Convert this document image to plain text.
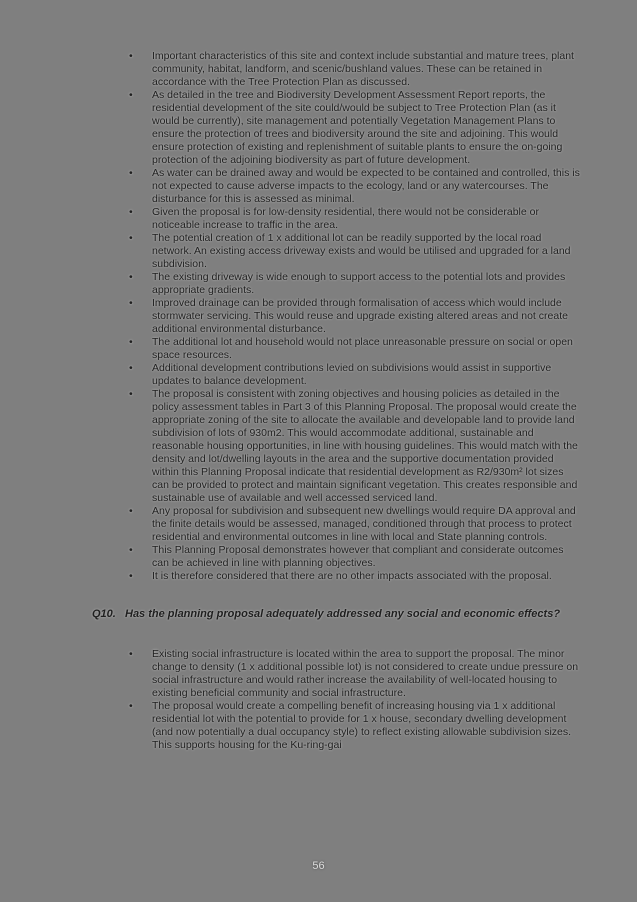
• Important characteristics of this site and context include substantial and mature trees, plant community, habitat, landform, and scenic/bushland values. These can be retained in accordance with the Tree Protection Plan as discussed.
• As detailed in the tree and Biodiversity Development Assessment Report reports, the residential development of the site could/would be subject to Tree Protection Plan (as it would be currently), site management and potentially Vegetation Management Plans to ensure the protection of trees and biodiversity around the site and adjoining. This would ensure protection of existing and replenishment of suitable plants to ensure the on-going protection of the adjoining biodiversity as part of future development.
• As water can be drained away and would be expected to be contained and controlled, this is not expected to cause adverse impacts to the ecology, land or any watercourses. The disturbance for this is assessed as minimal.
• Given the proposal is for low-density residential, there would not be considerable or noticeable increase to traffic in the area.
• The potential creation of 1 x additional lot can be readily supported by the local road network. An existing access driveway exists and would be utilised and upgraded for a land subdivision.
• The existing driveway is wide enough to support access to the potential lots and provides appropriate gradients.
• Improved drainage can be provided through formalisation of access which would include stormwater servicing. This would reuse and upgrade existing altered areas and not create additional environmental disturbance.
• The additional lot and household would not place unreasonable pressure on social or open space resources.
• Additional development contributions levied on subdivisions would assist in supportive updates to balance development.
• The proposal is consistent with zoning objectives and housing policies as detailed in the policy assessment tables in Part 3 of this Planning Proposal. The proposal would create the appropriate zoning of the site to allocate the available and developable land to provide land subdivision of lots of 930m2. This would accommodate additional, sustainable and reasonable housing opportunities, in line with housing guidelines. This would match with the density and lot/dwelling layouts in the area and the supportive documentation provided within this Planning Proposal indicate that residential development as R2/930m² lot sizes can be provided to protect and maintain significant vegetation. This creates responsible and sustainable use of available and well accessed serviced land.
• Any proposal for subdivision and subsequent new dwellings would require DA approval and the finite details would be assessed, managed, conditioned through that process to protect residential and environmental outcomes in line with local and State planning controls.
• This Planning Proposal demonstrates however that compliant and considerate outcomes can be achieved in line with planning objectives.
• It is therefore considered that there are no other impacts associated with the proposal.
Q10. Has the planning proposal adequately addressed any social and economic effects?
• Existing social infrastructure is located within the area to support the proposal. The minor change to density (1 x additional possible lot) is not considered to create undue pressure on social infrastructure and would rather increase the availability of well-located housing to existing beneficial community and social infrastructure.
• The proposal would create a compelling benefit of increasing housing via 1 x additional residential lot with the potential to provide for 1 x house, secondary dwelling development (and now potentially a dual occupancy style) to reflect existing allowable subdivision sizes. This supports housing for the Ku-ring-gai
56
